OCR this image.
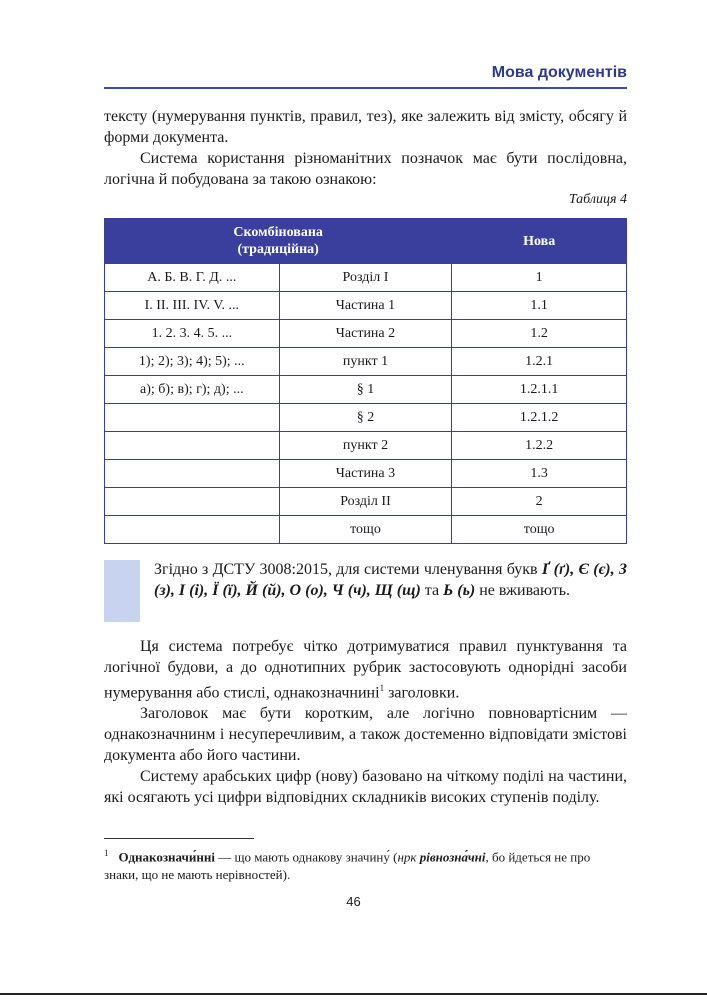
Мова документів

тексту (нумерування пунктів, правил, тез), яке залежить від змісту, обсягу й форми документа.

Система користання різноманітних позначок має бути послідовна, логічна й побудована за такою ознакою:

Таблиця 4
Скомбінована
(традиційна)		Нова
А. Б. В. Г. Д. ...	Розділ І	1
I. II. III. IV. V. ...	Частина 1	1.1
1. 2. 3. 4. 5. ...	Частина 2	1.2
1); 2); 3); 4); 5); ...	пункт 1	1.2.1
а); б); в); г); д); ...	§ 1	1.2.1.1
	§ 2	1.2.1.2
	пункт 2	1.2.2
	Частина 3	1.3
	Розділ ІІ	2
	тощо	тощо
Згідно з ДСТУ 3008:2015, для системи членування букв Ґ (ґ), Є (є), З (з), І (і), Ї (ї), Й (й), О (о), Ч (ч), Щ (щ) та Ь (ь) не вживають.

Ця система потребує чітко дотримуватися правил пунктування та логічної будови, а до однотипних рубрик застосовують однорідні засоби нумерування або стислі, однакозначнині$^1$ заголовки.

Заголовок має бути коротким, але логічно повновартісним — однакозначнинм і несуперечливим, а також достеменно відповідати змістові документа або його частини.

Систему арабських цифр (нову) базовано на чіткому поділі на частини, які осягають усі цифри відповідних складників високих ступенів поділу.

$^1$ Однакозначи́нні — що мають однакову значину́ (нрк рівнозна́чні, бо йдеться не про знаки, що не мають нерівностей).
46
